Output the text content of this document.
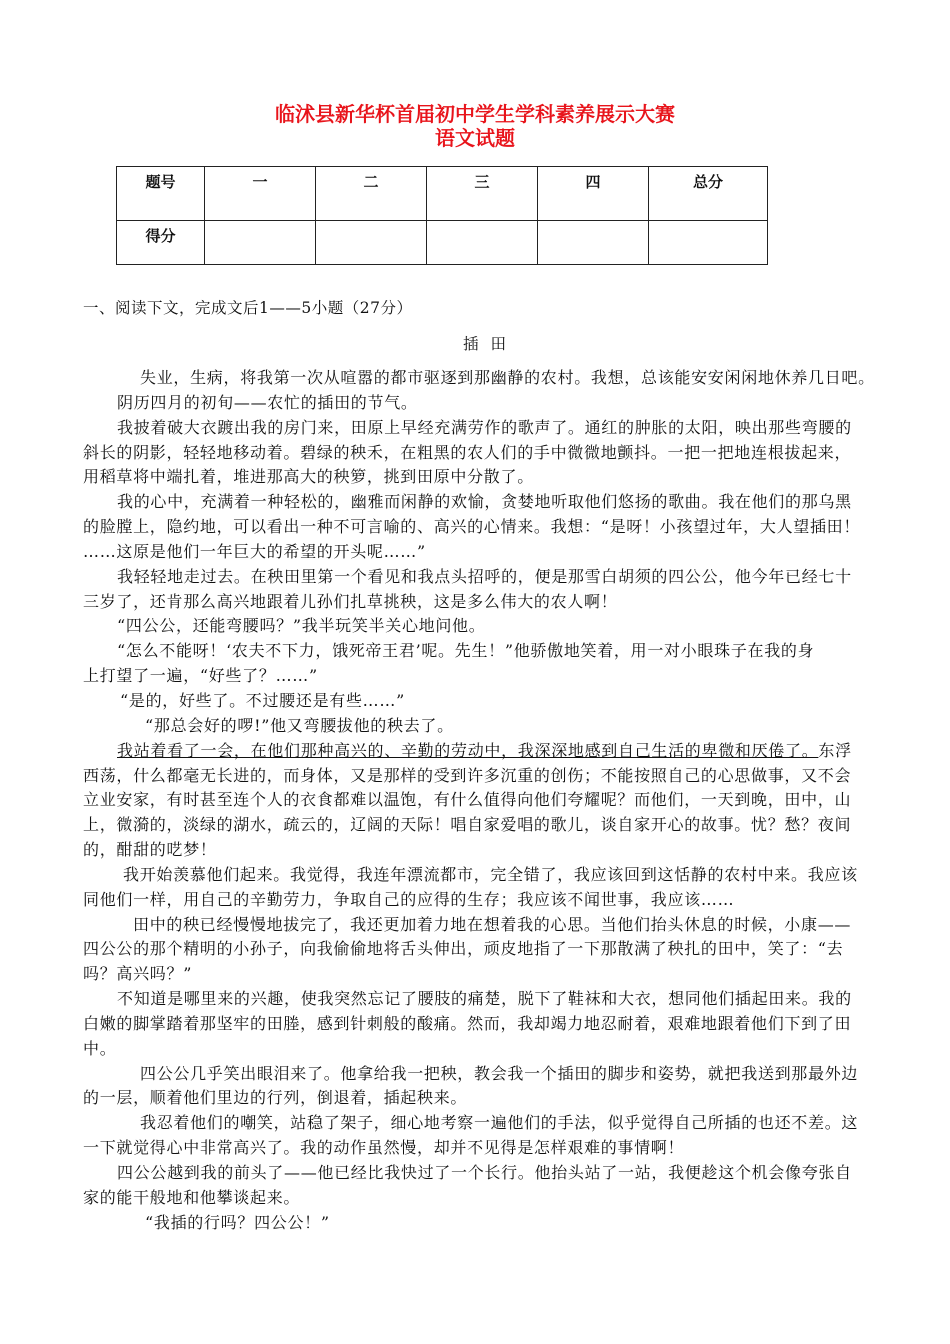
临沭县新华杯首届初中学生学科素养展示大赛
语文试题
题号	一	二	三	四	总分
得分					
一、阅读下文，完成文后1——5小题（27分）
插田
失业，生病，将我第一次从喧嚣的都市驱逐到那幽静的农村。我想，总该能安安闲闲地休养几日吧。
阴历四月的初旬——农忙的插田的节气。
我披着破大衣踱出我的房门来，田原上早经充满劳作的歌声了。通红的肿胀的太阳，映出那些弯腰的
斜长的阴影，轻轻地移动着。碧绿的秧禾，在粗黑的农人们的手中微微地颤抖。一把一把地连根拔起来，
用稻草将中端扎着，堆进那高大的秧箩，挑到田原中分散了。
我的心中，充满着一种轻松的，幽雅而闲静的欢愉，贪婪地听取他们悠扬的歌曲。我在他们的那乌黑
的脸膛上，隐约地，可以看出一种不可言喻的、高兴的心情来。我想：“是呀！小孩望过年，大人望插田！
……这原是他们一年巨大的希望的开头呢……”
我轻轻地走过去。在秧田里第一个看见和我点头招呼的，便是那雪白胡须的四公公，他今年已经七十
三岁了，还肯那么高兴地跟着儿孙们扎草挑秧，这是多么伟大的农人啊！
“四公公，还能弯腰吗？”我半玩笑半关心地问他。
“怎么不能呀！‘农夫不下力，饿死帝王君’呢。先生！”他骄傲地笑着，用一对小眼珠子在我的身
上打望了一遍，“好些了？……”
“是的，好些了。不过腰还是有些……”
“那总会好的啰!”他又弯腰拔他的秧去了。
我站着看了一会，在他们那种高兴的、辛勤的劳动中，我深深地感到自己生活的卑微和厌倦了。东浮
西荡，什么都毫无长进的，而身体，又是那样的受到许多沉重的创伤；不能按照自己的心思做事，又不会
立业安家，有时甚至连个人的衣食都难以温饱，有什么值得向他们夸耀呢？而他们，一天到晚，田中，山
上，微漪的，淡绿的湖水，疏云的，辽阔的天际！唱自家爱唱的歌儿，谈自家开心的故事。忧？愁？夜间
的，酣甜的呓梦！
我开始羡慕他们起来。我觉得，我连年漂流都市，完全错了，我应该回到这恬静的农村中来。我应该
同他们一样，用自己的辛勤劳力，争取自己的应得的生存；我应该不闻世事，我应该……
田中的秧已经慢慢地拔完了，我还更加着力地在想着我的心思。当他们抬头休息的时候，小康——
四公公的那个精明的小孙子，向我偷偷地将舌头伸出，顽皮地指了一下那散满了秧扎的田中，笑了：“去
吗？高兴吗？”
不知道是哪里来的兴趣，使我突然忘记了腰肢的痛楚，脱下了鞋袜和大衣，想同他们插起田来。我的
白嫩的脚掌踏着那坚牢的田塍，感到针刺般的酸痛。然而，我却竭力地忍耐着，艰难地跟着他们下到了田
中。
四公公几乎笑出眼泪来了。他拿给我一把秧，教会我一个插田的脚步和姿势，就把我送到那最外边
的一层，顺着他们里边的行列，倒退着，插起秧来。
我忍着他们的嘲笑，站稳了架子，细心地考察一遍他们的手法，似乎觉得自己所插的也还不差。这
一下就觉得心中非常高兴了。我的动作虽然慢，却并不见得是怎样艰难的事情啊！
四公公越到我的前头了——他已经比我快过了一个长行。他抬头站了一站，我便趁这个机会像夸张自
家的能干般地和他攀谈起来。
“我插的行吗？四公公！”
